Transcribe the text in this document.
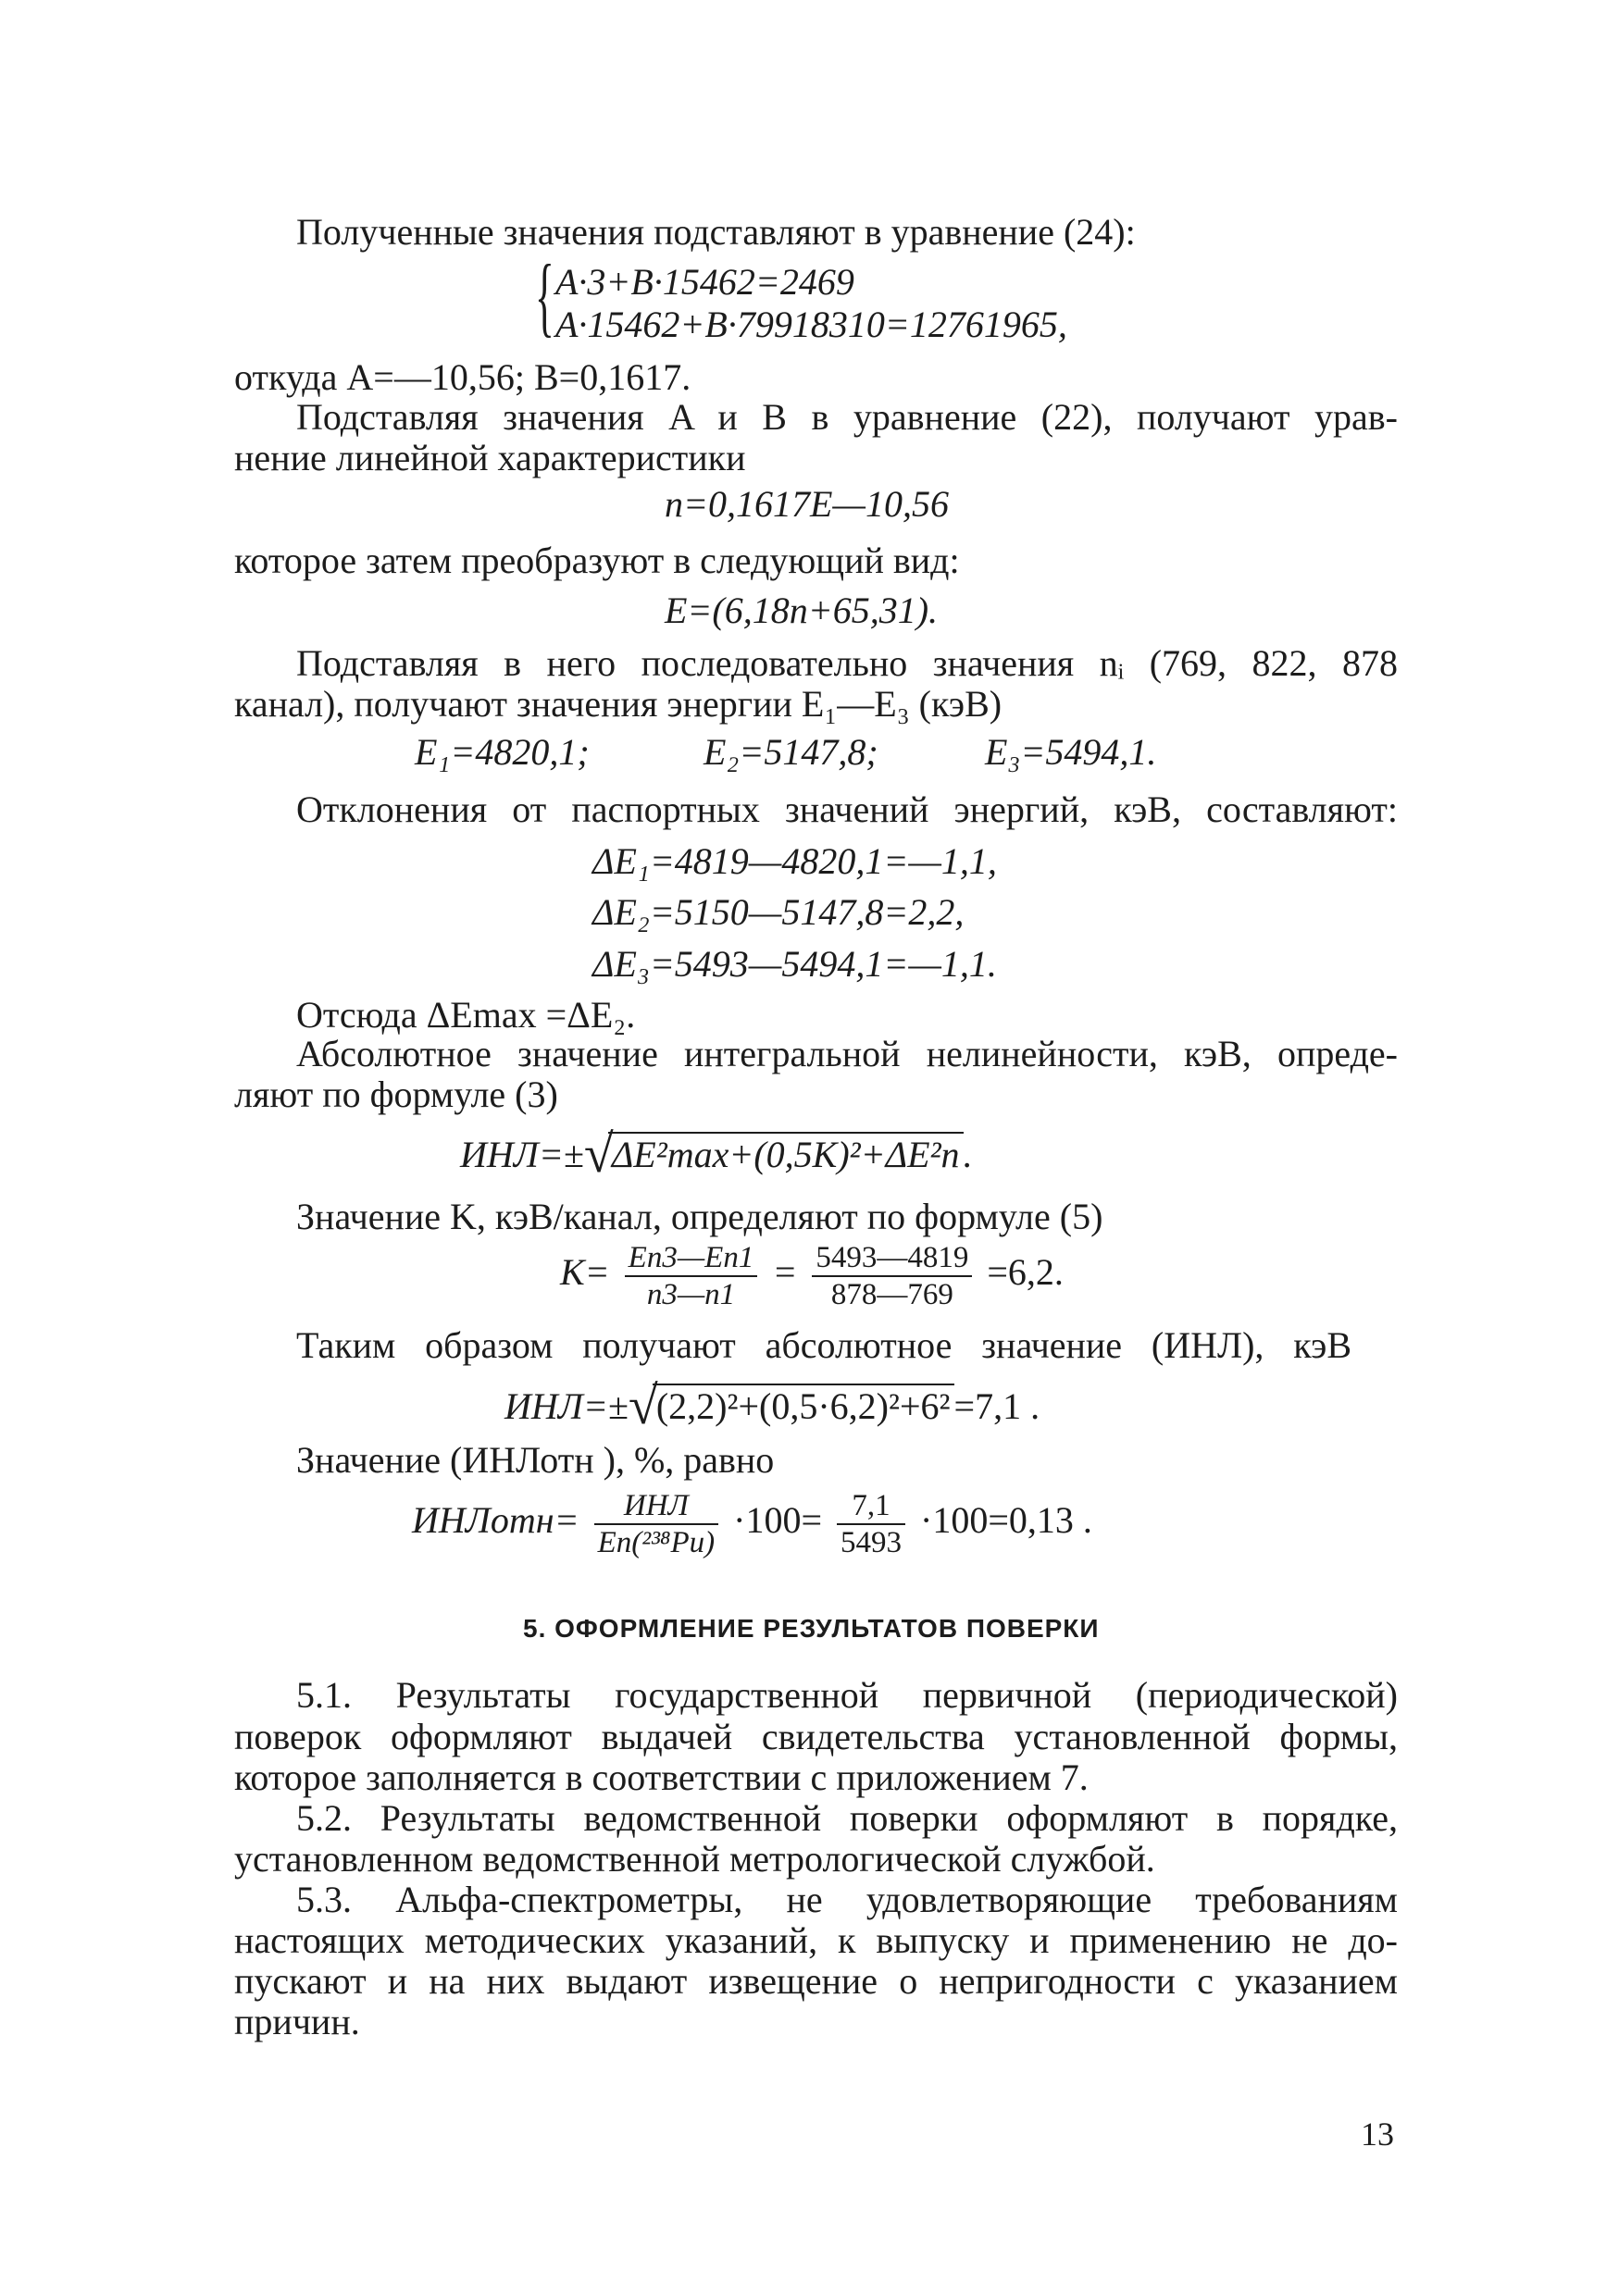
Полученные значения подставляют в уравнение (24):
{ A·3+B·15462=2469
A·15462+B·79918310=12761965,
откуда A=—10,56; B=0,1617.
Подставляя значения A и B в уравнение (22), получают урав-
нение линейной характеристики
n=0,1617E—10,56
которое затем преобразуют в следующий вид:
E=(6,18n+65,31).
Подставляя в него последовательно значения nᵢ (769, 822, 878
канал), получают значения энергии E₁—E₃ (кэВ)
E₁=4820,1;	E₂=5147,8;	E₃=5494,1.
Отклонения от паспортных значений энергий, кэВ, составляют:
ΔE₁=4819—4820,1=—1,1,
ΔE₂=5150—5147,8=2,2,
ΔE₃=5493—5494,1=—1,1.
Отсюда ΔEmax =ΔE₂.
Абсолютное значение интегральной нелинейности, кэВ, опреде-
ляют по формуле (3)
ИНЛ=± √
ΔE²max+(0,5K)²+ΔE²п .
Значение K, кэВ/канал, определяют по формуле (5)
$K= \frac{Eп3—Eп1}{n3—n1} = \frac{5493—4819}{878—769} =6,2$.
Таким образом получают абсолютное значение (ИНЛ), кэВ
ИНЛ=± √
(2,2)²+(0,5·6,2)²+6² =7,1 .
Значение (ИНЛотн ), %, равно
ИНЛотн= $\frac{\text{ИНЛ}}{\text{Eп(²³⁸Pu)}} \cdot 100= \frac{7,1}{5493} \cdot 100=0,13$ .
5. ОФОРМЛЕНИЕ РЕЗУЛЬТАТОВ ПОВЕРКИ
5.1. Результаты государственной первичной (периодической)
поверок оформляют выдачей свидетельства установленной формы,
которое заполняется в соответствии с приложением 7.
5.2. Результаты ведомственной поверки оформляют в порядке,
установленном ведомственной метрологической службой.
5.3. Альфа-спектрометры, не удовлетворяющие требованиям
настоящих методических указаний, к выпуску и применению не до-
пускают и на них выдают извещение о непригодности с указанием
причин.
13
